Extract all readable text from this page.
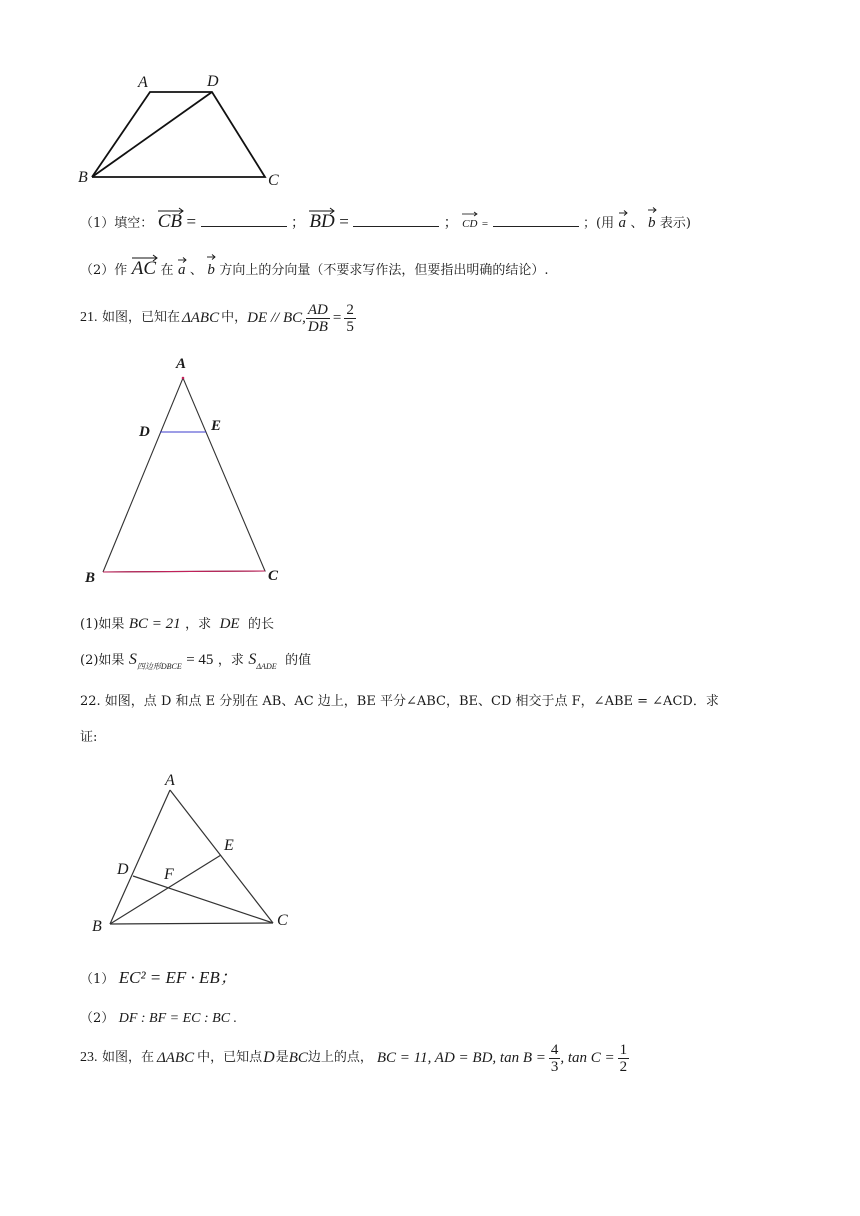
A	D
B	C
（1）填空： CB =	； BD =	； CD =	；(用 a 、 b 表示)
（2）作 AC 在 a 、 b 方向上的分向量（不要求写作法，但要指出明确的结论）.
21.
如图，已知在 ΔABC 中， DE // BC, $\frac{AD}{DB} = \frac{2}{5}$
A
D	E
B	C
(1)如果 BC = 21 ，求 DE 的长
(2)如果 $S_{四边形DBCE} = 45$ ，求 $S_{\Delta ADE}$ 的值
22. 如图，点 D 和点 E 分别在 AB、AC 边上，BE 平分∠ABC，BE、CD 相交于点 F，∠ABE = ∠ACD．求
证:
A
E
D F
B	C
（1） EC² = EF · EB；
（2） DF : BF = EC : BC .
23.
如图，在 ΔABC 中，已知点 D 是 BC 边上的点， BC = 11, AD = BD, $\tan B = \frac{4}{3}$ , $\tan C = \frac{1}{2}$
